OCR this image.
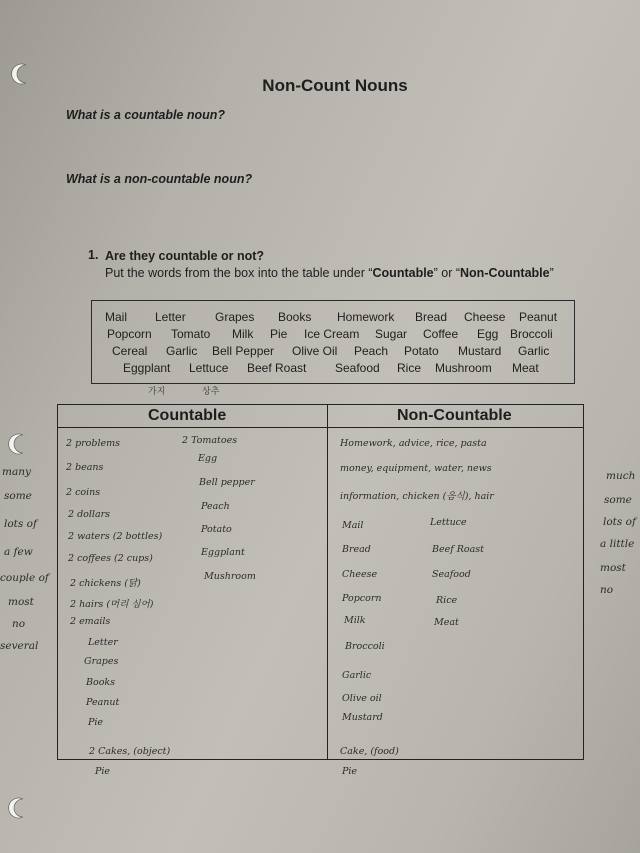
Non-Count Nouns
What is a countable noun?
What is a non-countable noun?
1. Are they countable or not?
Put the words from the box into the table under “Countable” or “Non-Countable”
Mail Letter Grapes Books Homework Bread Cheese Peanut
Popcorn Tomato Milk Pie Ice Cream Sugar Coffee Egg Broccoli
Cereal Garlic Bell Pepper Olive Oil Peach Potato Mustard Garlic
Eggplant Lettuce Beef Roast Seafood Rice Mushroom Meat
가지	상추
Countable	Non-Countable
2 problems
2 beans
2 coins
2 dollars
2 waters (2 bottles)
2 coffees (2 cups)
2 chickens (닭)
2 hairs (머리 심어)
2 emails
Letter
Grapes
Books
Peanut
Pie
2 Tomatoes
Egg
Bell pepper
Peach
Potato
Eggplant
Mushroom
Homework, advice, rice, pasta
money, equipment, water, news
information, chicken (음식), hair
Mail
Bread
Cheese
Popcorn
Milk
Broccoli
Garlic
Olive oil
Mustard
Lettuce
Beef Roast
Seafood
Rice
Meat
2 Cakes, (object)
Pie
Cake, (food)
Pie
many
some
lots of
a few
couple of
most
no
several
much
some
lots of
a little
most
no
